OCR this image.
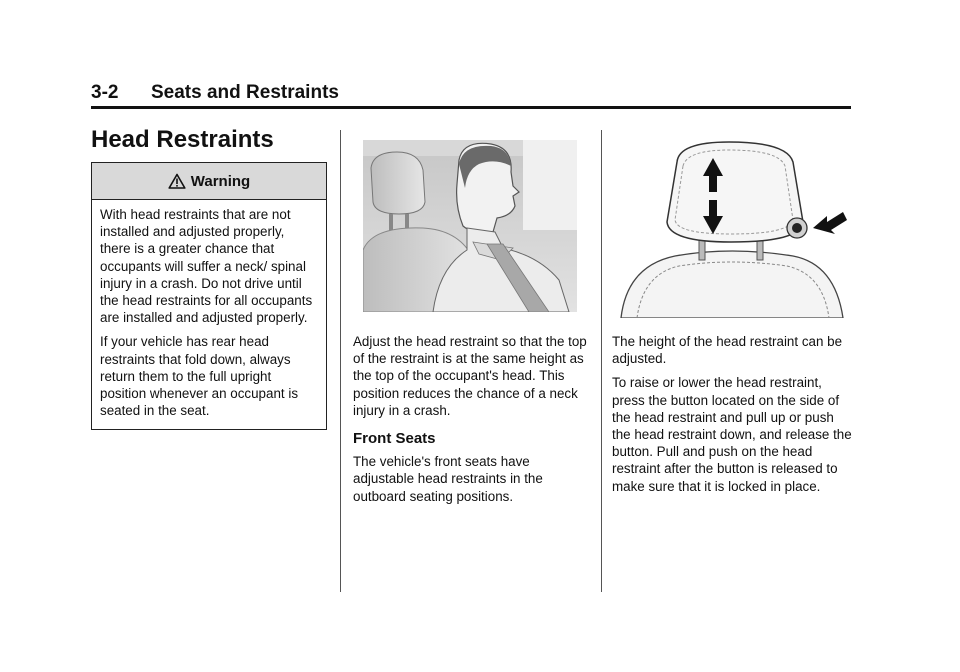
3-2 Seats and Restraints
Head Restraints
Warning

With head restraints that are not installed and adjusted properly, there is a greater chance that occupants will suffer a neck/ spinal injury in a crash. Do not drive until the head restraints for all occupants are installed and adjusted properly.

If your vehicle has rear head restraints that fold down, always return them to the full upright position whenever an occupant is seated in the seat.

Adjust the head restraint so that the top of the restraint is at the same height as the top of the occupant's head. This position reduces the chance of a neck injury in a crash.

Front Seats

The vehicle's front seats have adjustable head restraints in the outboard seating positions.

The height of the head restraint can be adjusted.

To raise or lower the head restraint, press the button located on the side of the head restraint and pull up or push the head restraint down, and release the button. Pull and push on the head restraint after the button is released to make sure that it is locked in place.
